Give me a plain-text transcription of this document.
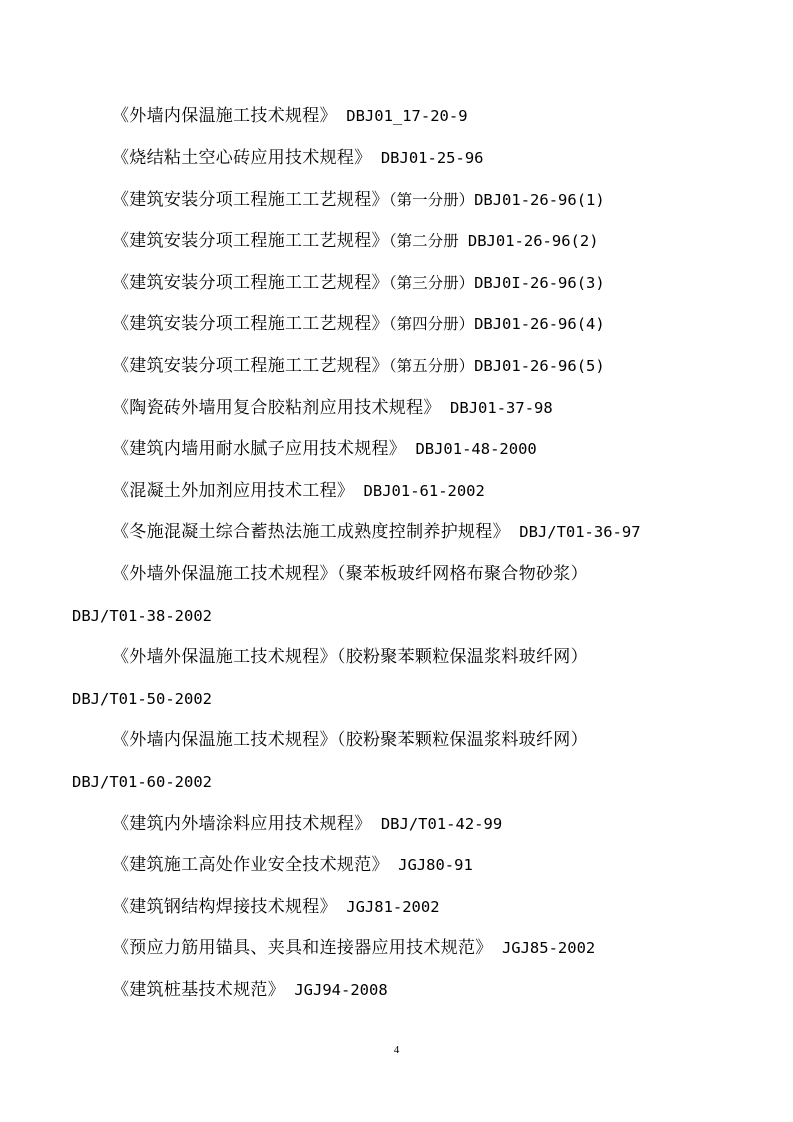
《外墙内保温施工技术规程》 DBJ01_17-20-9
《烧结粘土空心砖应用技术规程》 DBJ01-25-96
《建筑安装分项工程施工工艺规程》（第一分册）DBJ01-26-96(1)
《建筑安装分项工程施工工艺规程》（第二分册 DBJ01-26-96(2)
《建筑安装分项工程施工工艺规程》（第三分册）DBJ0I-26-96(3)
《建筑安装分项工程施工工艺规程》（第四分册）DBJ01-26-96(4)
《建筑安装分项工程施工工艺规程》（第五分册）DBJ01-26-96(5)
《陶瓷砖外墙用复合胶粘剂应用技术规程》 DBJ01-37-98
《建筑内墙用耐水腻子应用技术规程》 DBJ01-48-2000
《混凝土外加剂应用技术工程》 DBJ01-61-2002
《冬施混凝土综合蓄热法施工成熟度控制养护规程》 DBJ/T01-36-97
《外墙外保温施工技术规程》（聚苯板玻纤网格布聚合物砂浆）
DBJ/T01-38-2002
《外墙外保温施工技术规程》（胶粉聚苯颗粒保温浆料玻纤网）
DBJ/T01-50-2002
《外墙内保温施工技术规程》（胶粉聚苯颗粒保温浆料玻纤网）
DBJ/T01-60-2002
《建筑内外墙涂料应用技术规程》 DBJ/T01-42-99
《建筑施工高处作业安全技术规范》 JGJ80-91
《建筑钢结构焊接技术规程》 JGJ81-2002
《预应力筋用锚具、夹具和连接器应用技术规范》 JGJ85-2002
《建筑桩基技术规范》 JGJ94-2008
4
